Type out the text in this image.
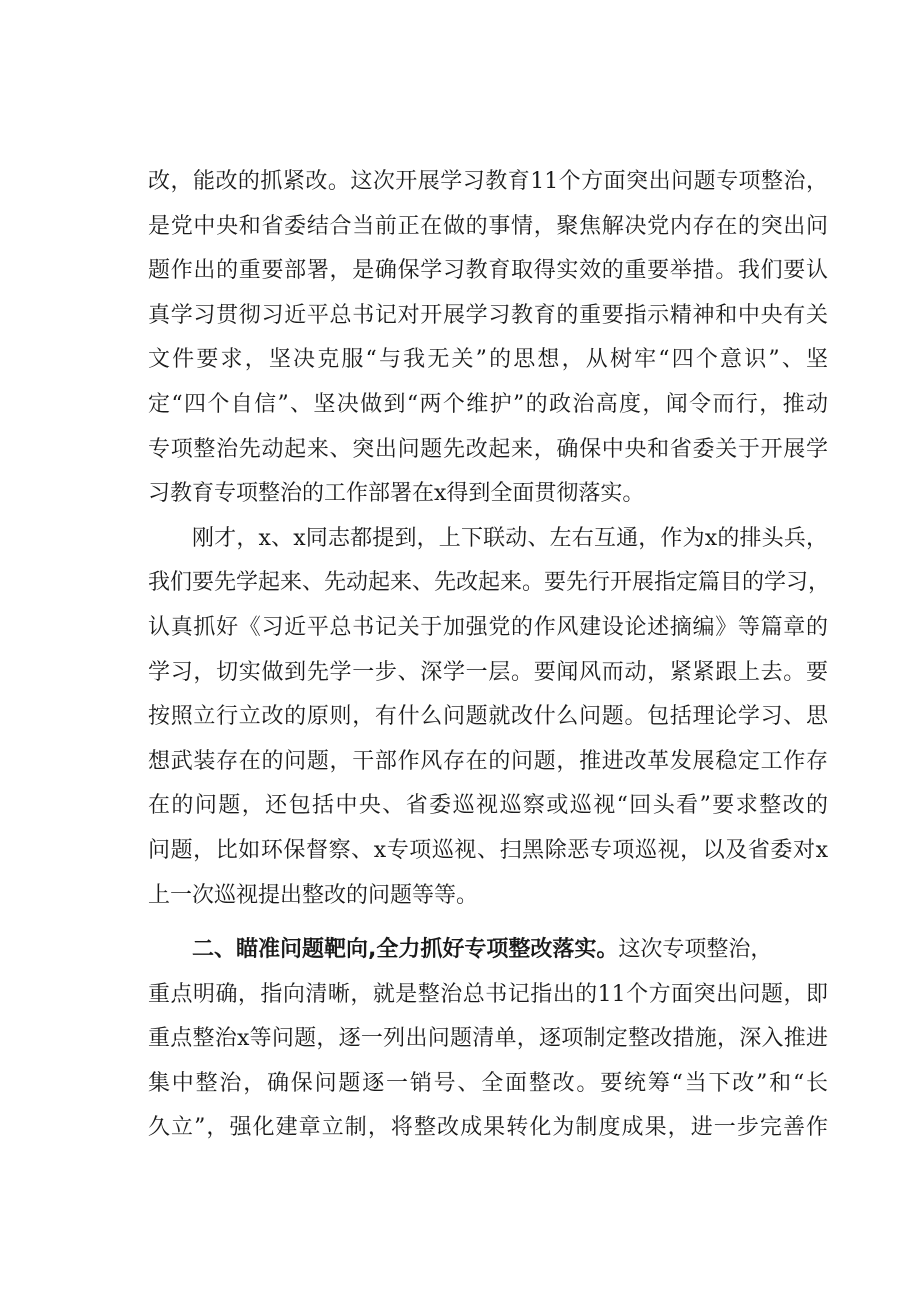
改，能改的抓紧改。这次开展学习教育11个方面突出问题专项整治，
是党中央和省委结合当前正在做的事情，聚焦解决党内存在的突出问
题作出的重要部署，是确保学习教育取得实效的重要举措。我们要认
真学习贯彻习近平总书记对开展学习教育的重要指示精神和中央有关
文件要求，坚决克服“与我无关”的思想，从树牢“四个意识”、坚
定“四个自信”、坚决做到“两个维护”的政治高度，闻令而行，推动
专项整治先动起来、突出问题先改起来，确保中央和省委关于开展学
习教育专项整治的工作部署在x得到全面贯彻落实。
刚才，x、x同志都提到，上下联动、左右互通，作为x的排头兵，
我们要先学起来、先动起来、先改起来。要先行开展指定篇目的学习，
认真抓好《习近平总书记关于加强党的作风建设论述摘编》等篇章的
学习，切实做到先学一步、深学一层。要闻风而动，紧紧跟上去。要
按照立行立改的原则，有什么问题就改什么问题。包括理论学习、思
想武装存在的问题，干部作风存在的问题，推进改革发展稳定工作存
在的问题，还包括中央、省委巡视巡察或巡视“回头看”要求整改的
问题，比如环保督察、x专项巡视、扫黑除恶专项巡视，以及省委对x
上一次巡视提出整改的问题等等。
二、瞄准问题靶向,全力抓好专项整改落实。这次专项整治，
重点明确，指向清晰，就是整治总书记指出的11个方面突出问题，即
重点整治x等问题，逐一列出问题清单，逐项制定整改措施，深入推进
集中整治，确保问题逐一销号、全面整改。要统筹“当下改”和“长
久立”，强化建章立制，将整改成果转化为制度成果，进一步完善作
